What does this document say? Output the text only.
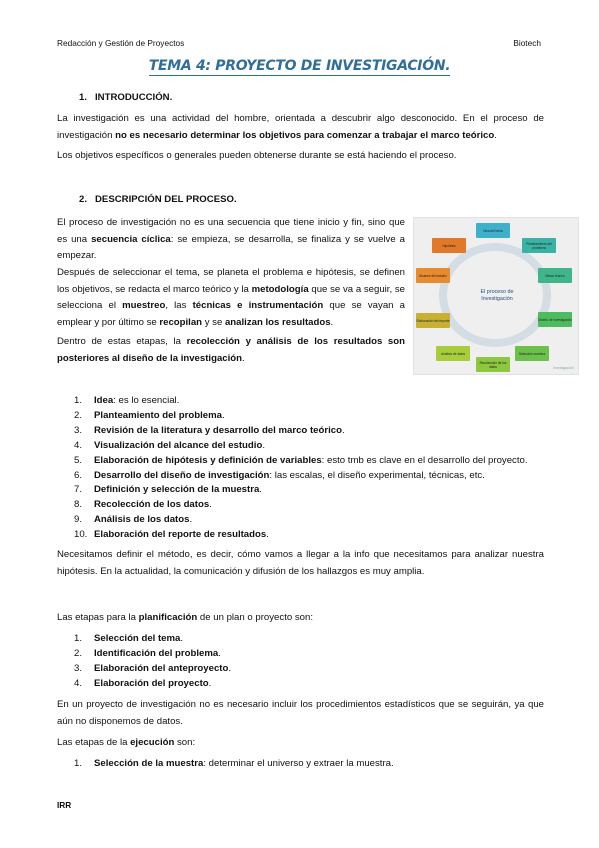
Redacción y Gestión de Proyectos	Biotech
TEMA 4: PROYECTO DE INVESTIGACIÓN.
1. INTRODUCCIÓN.
La investigación es una actividad del hombre, orientada a descubrir algo desconocido. En el proceso de investigación no es necesario determinar los objetivos para comenzar a trabajar el marco teórico.
Los objetivos específicos o generales pueden obtenerse durante se está haciendo el proceso.
2. DESCRIPCIÓN DEL PROCESO.
El proceso de investigación no es una secuencia que tiene inicio y fin, sino que es una secuencia cíclica: se empieza, se desarrolla, se finaliza y se vuelve a empezar.
Después de seleccionar el tema, se planeta el problema e hipótesis, se definen los objetivos, se redacta el marco teórico y la metodología que se va a seguir, se selecciona el muestreo, las técnicas e instrumentación que se vayan a emplear y por último se recopilan y se analizan los resultados.
Dentro de estas etapas, la recolección y análisis de los resultados son posteriores al diseño de la investigación.
El proceso de Investigación
Idea del tema
Planteamiento del problema
Marco teórico
Diseño de investigación
Selección muestra
Recolección de los datos
Análisis de datos
Elaboración del reporte
Alcance del estudio
Hipótesis
Investigación
1. Idea: es lo esencial.
2. Planteamiento del problema.
3. Revisión de la literatura y desarrollo del marco teórico.
4. Visualización del alcance del estudio.
5. Elaboración de hipótesis y definición de variables: esto tmb es clave en el desarrollo del proyecto.
6. Desarrollo del diseño de investigación: las escalas, el diseño experimental, técnicas, etc.
7. Definición y selección de la muestra.
8. Recolección de los datos.
9. Análisis de los datos.
10. Elaboración del reporte de resultados.
Necesitamos definir el método, es decir, cómo vamos a llegar a la info que necesitamos para analizar nuestra hipótesis. En la actualidad, la comunicación y difusión de los hallazgos es muy amplia.
Las etapas para la planificación de un plan o proyecto son:
1. Selección del tema.
2. Identificación del problema.
3. Elaboración del anteproyecto.
4. Elaboración del proyecto.
En un proyecto de investigación no es necesario incluir los procedimientos estadísticos que se seguirán, ya que aún no disponemos de datos.
Las etapas de la ejecución son:
1. Selección de la muestra: determinar el universo y extraer la muestra.
IRR
